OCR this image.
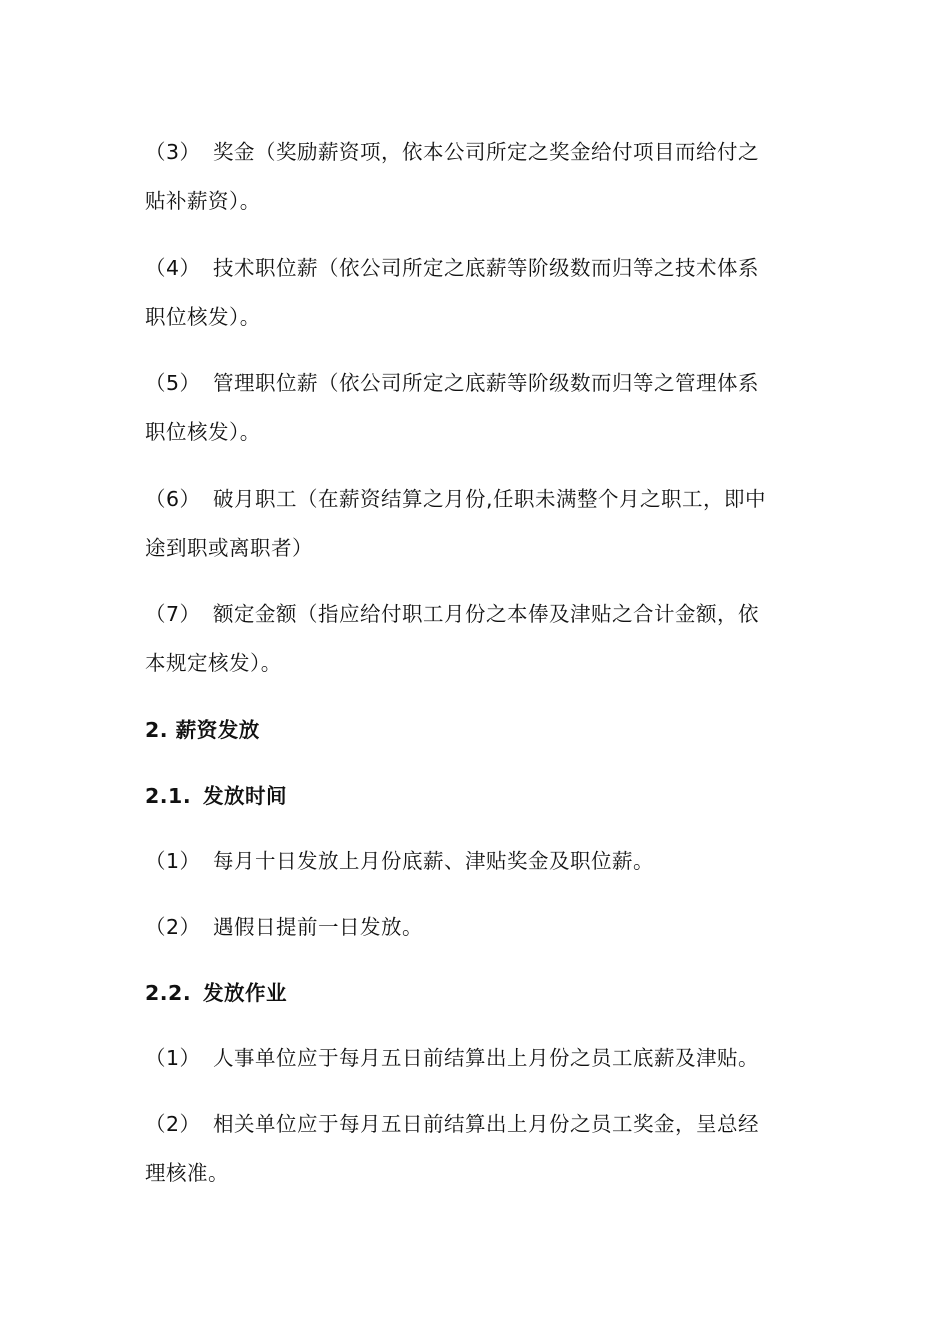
（3） 奖金（奖励薪资项，依本公司所定之奖金给付项目而给付之
贴补薪资）。
（4） 技术职位薪（依公司所定之底薪等阶级数而归等之技术体系
职位核发）。
（5） 管理职位薪（依公司所定之底薪等阶级数而归等之管理体系
职位核发）。
（6） 破月职工（在薪资结算之月份,任职未满整个月之职工，即中
途到职或离职者）
（7） 额定金额（指应给付职工月份之本俸及津贴之合计金额，依
本规定核发）。
2. 薪资发放
2.1. 发放时间
（1） 每月十日发放上月份底薪、津贴奖金及职位薪。
（2） 遇假日提前一日发放。
2.2. 发放作业
（1） 人事单位应于每月五日前结算出上月份之员工底薪及津贴。
（2） 相关单位应于每月五日前结算出上月份之员工奖金，呈总经
理核准。
